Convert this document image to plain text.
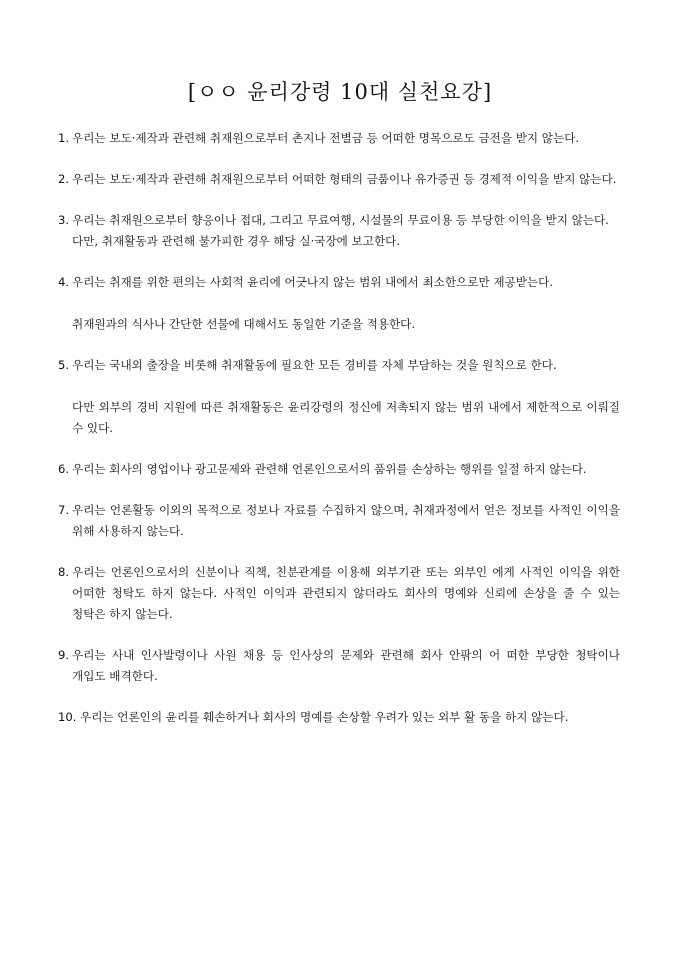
[ㅇㅇ 윤리강령 10대 실천요강]
1. 우리는 보도·제작과 관련해 취재원으로부터 촌지나 전별금 등 어떠한 명목으로도 금전을 받지 않는다.

2. 우리는 보도·제작과 관련해 취재원으로부터 어떠한 형태의 금품이나 유가증권 등 경제적 이익을 받지 않는다.

3. 우리는 취재원으로부터 향응이나 접대, 그리고 무료여행, 시설물의 무료이용 등 부당한 이익을 받지 않는다.

다만, 취재활동과 관련해 불가피한 경우 해당 실·국장에 보고한다.

4. 우리는 취재를 위한 편의는 사회적 윤리에 어긋나지 않는 범위 내에서 최소한으로만 제공받는다.

취재원과의 식사나 간단한 선물에 대해서도 동일한 기준을 적용한다.

5. 우리는 국내외 출장을 비롯해 취재활동에 필요한 모든 경비를 자체 부담하는 것을 원칙으로 한다.

다만 외부의 경비 지원에 따른 취재활동은 윤리강령의 정신에 저촉되지 않는 범위 내에서 제한적으로 이뤄질 수 있다.

6. 우리는 회사의 영업이나 광고문제와 관련해 언론인으로서의 품위를 손상하는 행위를 일절 하지 않는다.

7. 우리는 언론활동 이외의 목적으로 정보나 자료를 수집하지 않으며, 취재과정에서 얻은 정보를 사적인 이익을 위해 사용하지 않는다.

8. 우리는 언론인으로서의 신분이나 직책, 친분관계를 이용해 외부기관 또는 외부인 에게 사적인 이익을 위한 어떠한 청탁도 하지 않는다. 사적인 이익과 관련되지 않더라도 회사의 명예와 신뢰에 손상을 줄 수 있는 청탁은 하지 않는다.

9. 우리는 사내 인사발령이나 사원 채용 등 인사상의 문제와 관련해 회사 안팎의 어 떠한 부당한 청탁이나 개입도 배격한다.

10. 우리는 언론인의 윤리를 훼손하거나 회사의 명예를 손상할 우려가 있는 외부 활 동을 하지 않는다.
